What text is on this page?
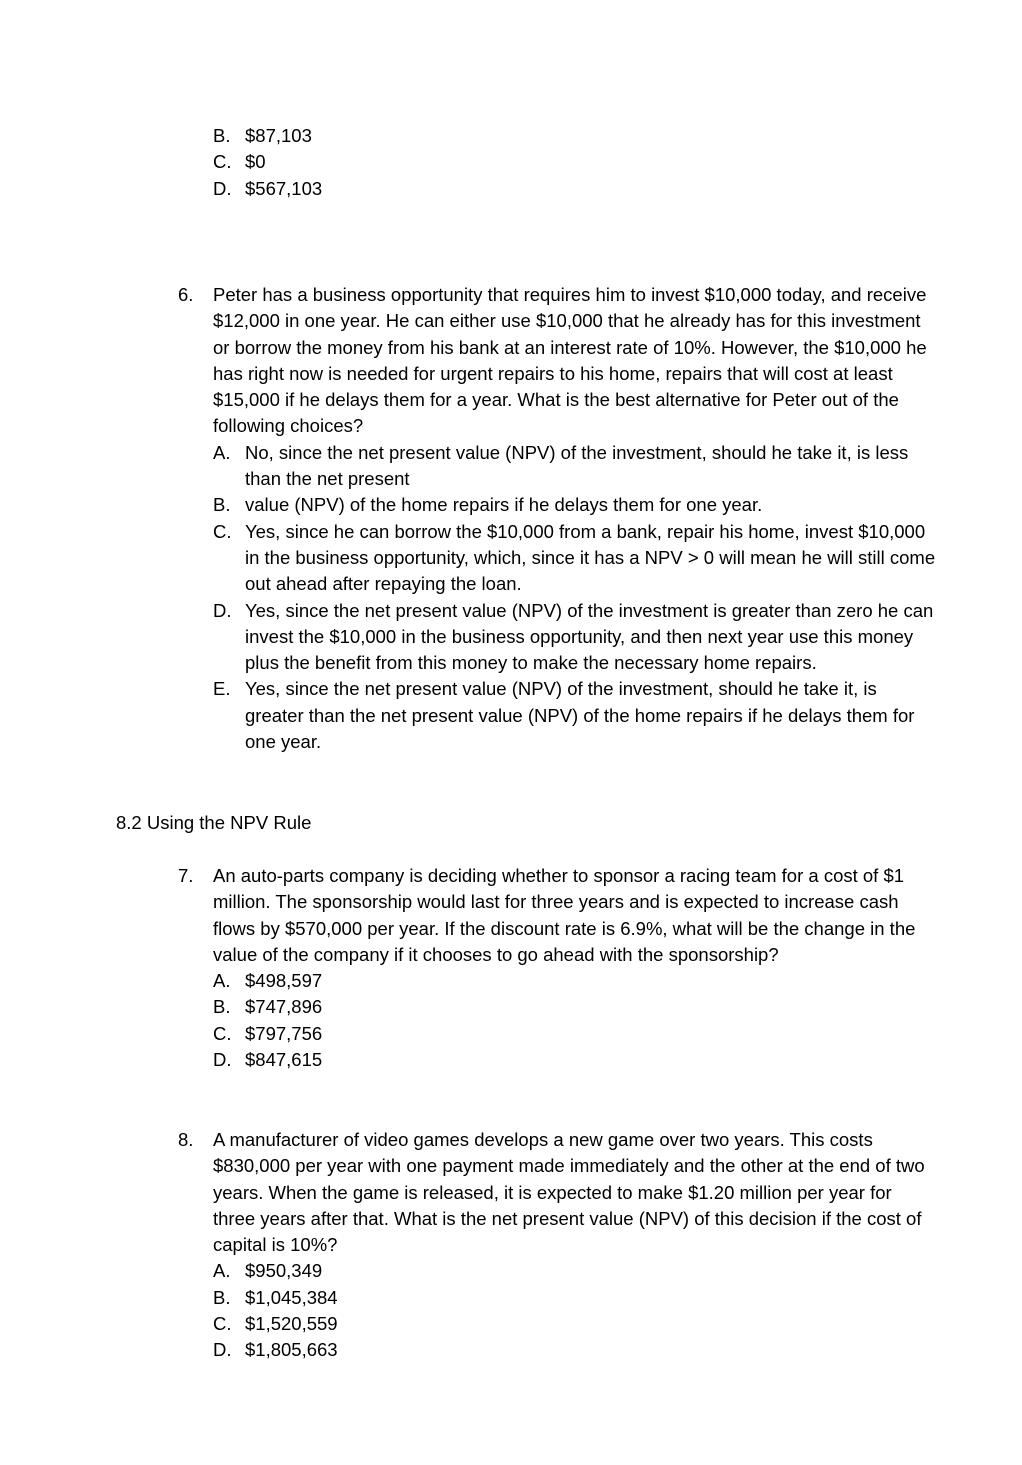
B. $87,103
C. $0
D. $567,103
6.	Peter has a business opportunity that requires him to invest $10,000 today, and receive $12,000 in one year. He can either use $10,000 that he already has for this investment or borrow the money from his bank at an interest rate of 10%. However, the $10,000 he has right now is needed for urgent repairs to his home, repairs that will cost at least $15,000 if he delays them for a year. What is the best alternative for Peter out of the following choices?
A. No, since the net present value (NPV) of the investment, should he take it, is less than the net present
B. value (NPV) of the home repairs if he delays them for one year.
C. Yes, since he can borrow the $10,000 from a bank, repair his home, invest $10,000 in the business opportunity, which, since it has a NPV > 0 will mean he will still come out ahead after repaying the loan.
D. Yes, since the net present value (NPV) of the investment is greater than zero he can invest the $10,000 in the business opportunity, and then next year use this money plus the benefit from this money to make the necessary home repairs.
E. Yes, since the net present value (NPV) of the investment, should he take it, is greater than the net present value (NPV) of the home repairs if he delays them for one year.
8.2 Using the NPV Rule
7.	An auto-parts company is deciding whether to sponsor a racing team for a cost of $1 million. The sponsorship would last for three years and is expected to increase cash flows by $570,000 per year. If the discount rate is 6.9%, what will be the change in the value of the company if it chooses to go ahead with the sponsorship?
A. $498,597
B. $747,896
C. $797,756
D. $847,615
8.	A manufacturer of video games develops a new game over two years. This costs $830,000 per year with one payment made immediately and the other at the end of two years. When the game is released, it is expected to make $1.20 million per year for three years after that. What is the net present value (NPV) of this decision if the cost of capital is 10%?
A. $950,349
B. $1,045,384
C. $1,520,559
D. $1,805,663
